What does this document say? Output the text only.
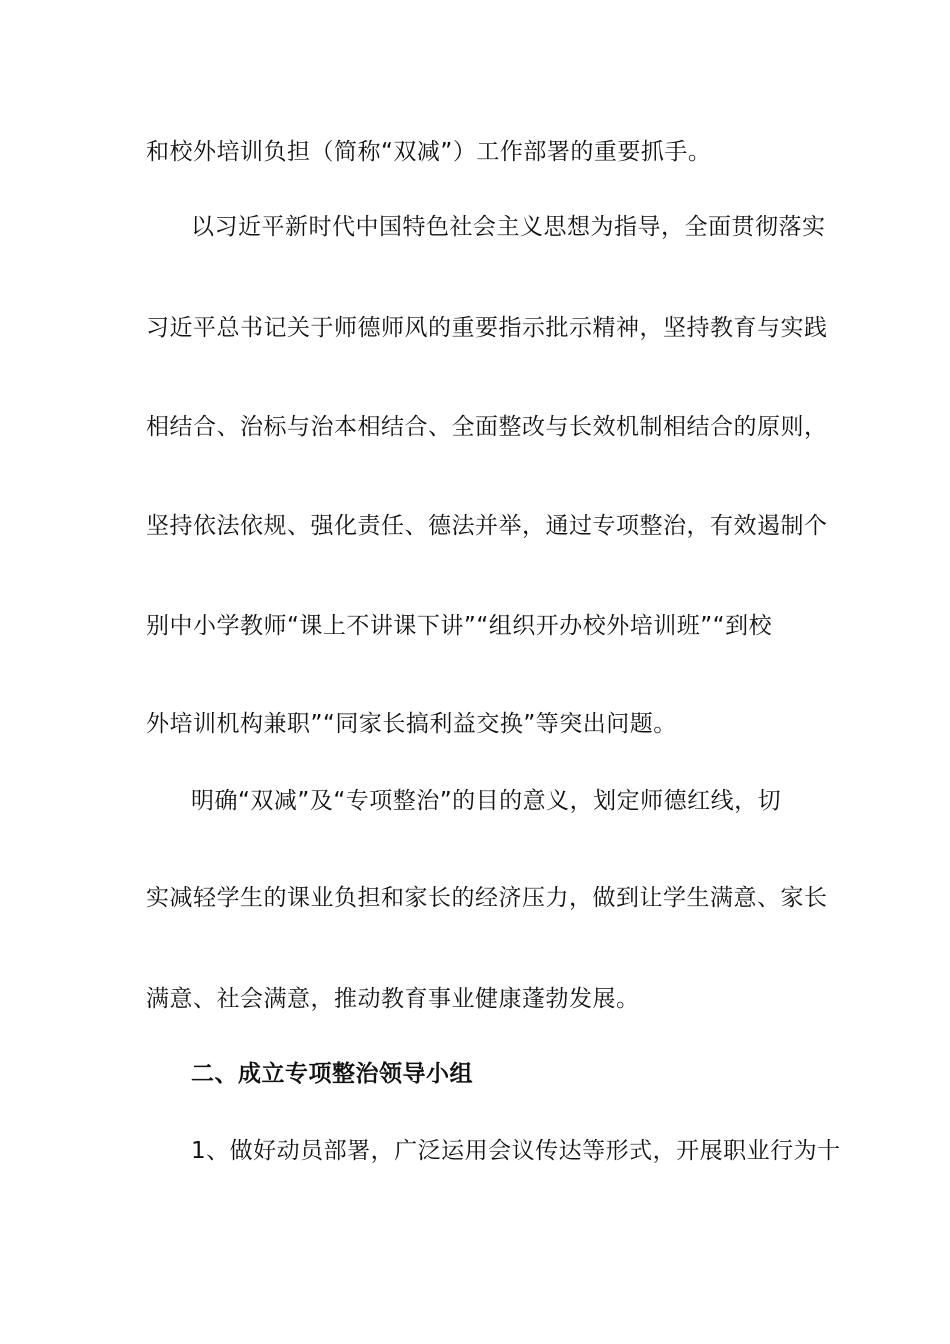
和校外培训负担（简称“双减”）工作部署的重要抓手。
以习近平新时代中国特色社会主义思想为指导，全面贯彻落实
习近平总书记关于师德师风的重要指示批示精神，坚持教育与实践
相结合、治标与治本相结合、全面整改与长效机制相结合的原则，
坚持依法依规、强化责任、德法并举，通过专项整治，有效遏制个
别中小学教师“课上不讲课下讲”“组织开办校外培训班”“到校
外培训机构兼职”“同家长搞利益交换”等突出问题。
明确“双减”及“专项整治”的目的意义，划定师德红线，切
实减轻学生的课业负担和家长的经济压力，做到让学生满意、家长
满意、社会满意，推动教育事业健康蓬勃发展。
二、成立专项整治领导小组
1、做好动员部署，广泛运用会议传达等形式，开展职业行为十
